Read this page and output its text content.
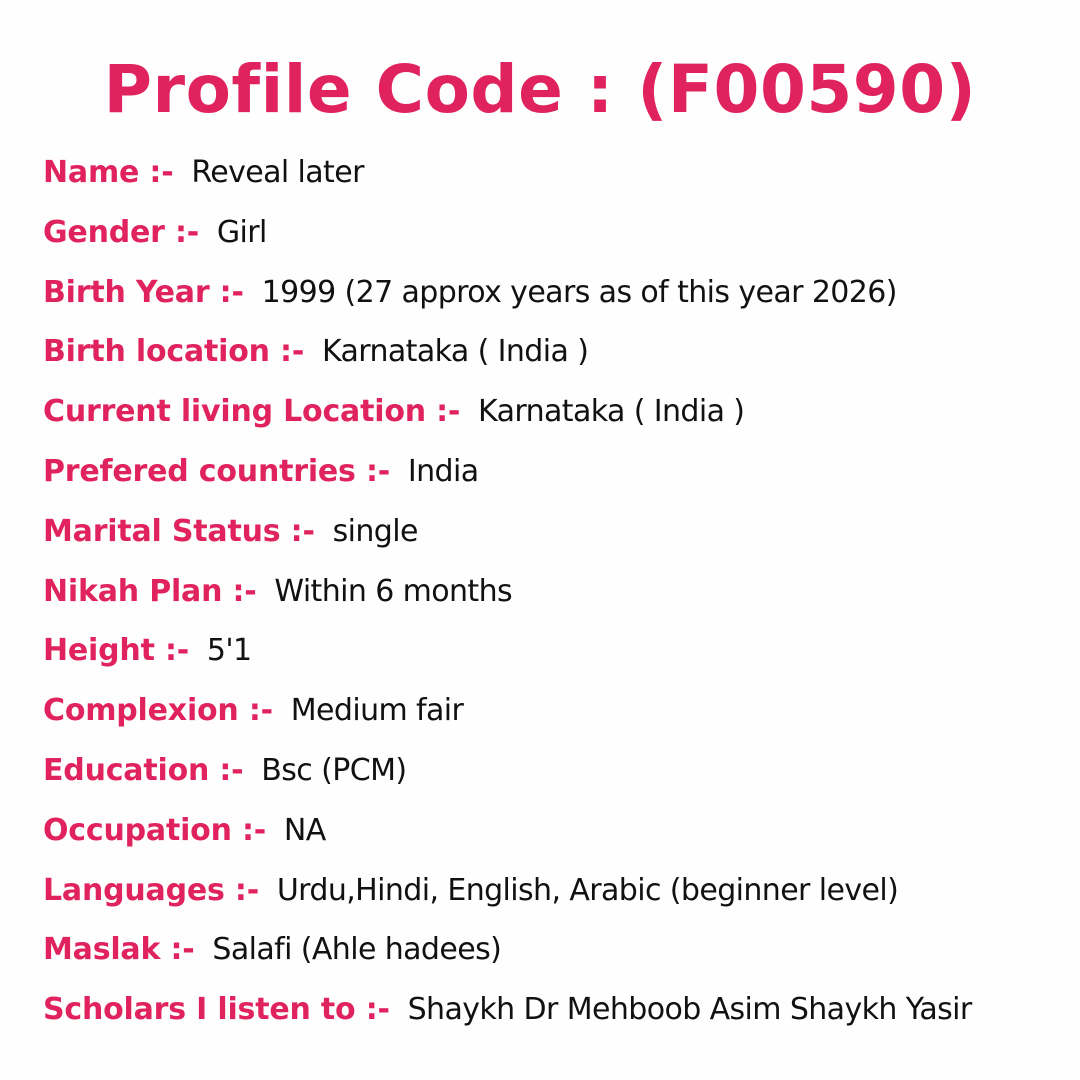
Profile Code : (F00590)
Name :- Reveal later
Gender :- Girl
Birth Year :- 1999 (27 approx years as of this year 2026)
Birth location :- Karnataka ( India )
Current living Location :- Karnataka ( India )
Prefered countries :- India
Marital Status :- single
Nikah Plan :- Within 6 months
Height :- 5'1
Complexion :- Medium fair
Education :- Bsc (PCM)
Occupation :- NA
Languages :- Urdu,Hindi, English, Arabic (beginner level)
Maslak :- Salafi (Ahle hadees)
Scholars I listen to :- Shaykh Dr Mehboob Asim Shaykh Yasir
